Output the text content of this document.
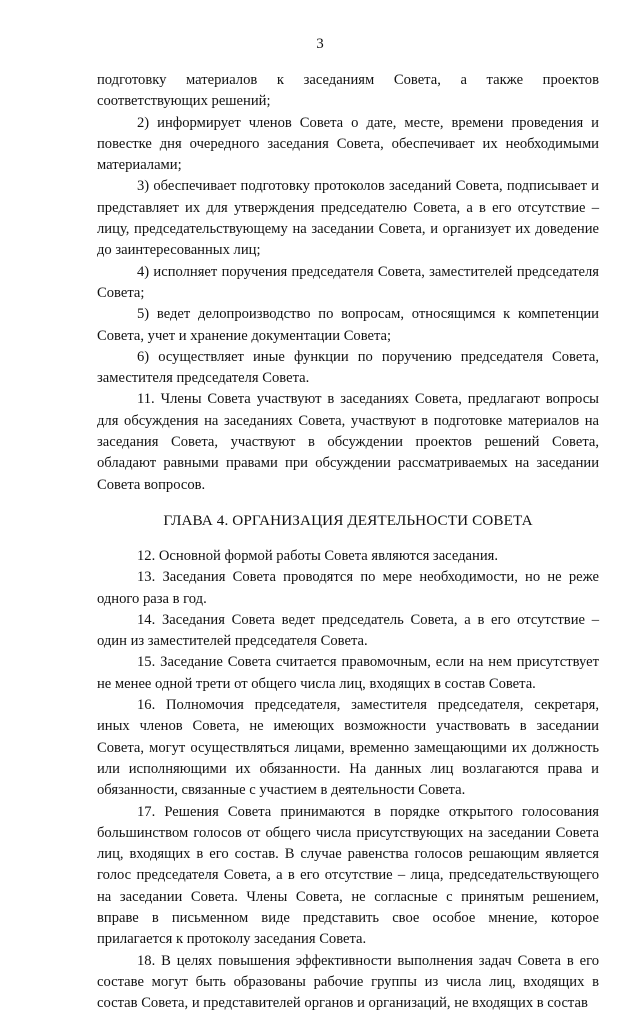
3

подготовку материалов к заседаниям Совета, а также проектов соответствующих решений;

2) информирует членов Совета о дате, месте, времени проведения и повестке дня очередного заседания Совета, обеспечивает их необходимыми материалами;

3) обеспечивает подготовку протоколов заседаний Совета, подписывает и представляет их для утверждения председателю Совета, а в его отсутствие – лицу, председательствующему на заседании Совета, и организует их доведение до заинтересованных лиц;

4) исполняет поручения председателя Совета, заместителей председателя Совета;

5) ведет делопроизводство по вопросам, относящимся к компетенции Совета, учет и хранение документации Совета;

6) осуществляет иные функции по поручению председателя Совета, заместителя председателя Совета.

11. Члены Совета участвуют в заседаниях Совета, предлагают вопросы для обсуждения на заседаниях Совета, участвуют в подготовке материалов на заседания Совета, участвуют в обсуждении проектов решений Совета, обладают равными правами при обсуждении рассматриваемых на заседании Совета вопросов.

ГЛАВА 4. ОРГАНИЗАЦИЯ ДЕЯТЕЛЬНОСТИ СОВЕТА

12. Основной формой работы Совета являются заседания.

13. Заседания Совета проводятся по мере необходимости, но не реже одного раза в год.

14. Заседания Совета ведет председатель Совета, а в его отсутствие – один из заместителей председателя Совета.

15. Заседание Совета считается правомочным, если на нем присутствует не менее одной трети от общего числа лиц, входящих в состав Совета.

16. Полномочия председателя, заместителя председателя, секретаря, иных членов Совета, не имеющих возможности участвовать в заседании Совета, могут осуществляться лицами, временно замещающими их должность или исполняющими их обязанности. На данных лиц возлагаются права и обязанности, связанные с участием в деятельности Совета.

17. Решения Совета принимаются в порядке открытого голосования большинством голосов от общего числа присутствующих на заседании Совета лиц, входящих в его состав. В случае равенства голосов решающим является голос председателя Совета, а в его отсутствие – лица, председательствующего на заседании Совета. Члены Совета, не согласные с принятым решением, вправе в письменном виде представить свое особое мнение, которое прилагается к протоколу заседания Совета.

18. В целях повышения эффективности выполнения задач Совета в его составе могут быть образованы рабочие группы из числа лиц, входящих в состав Совета, и представителей органов и организаций, не входящих в состав
